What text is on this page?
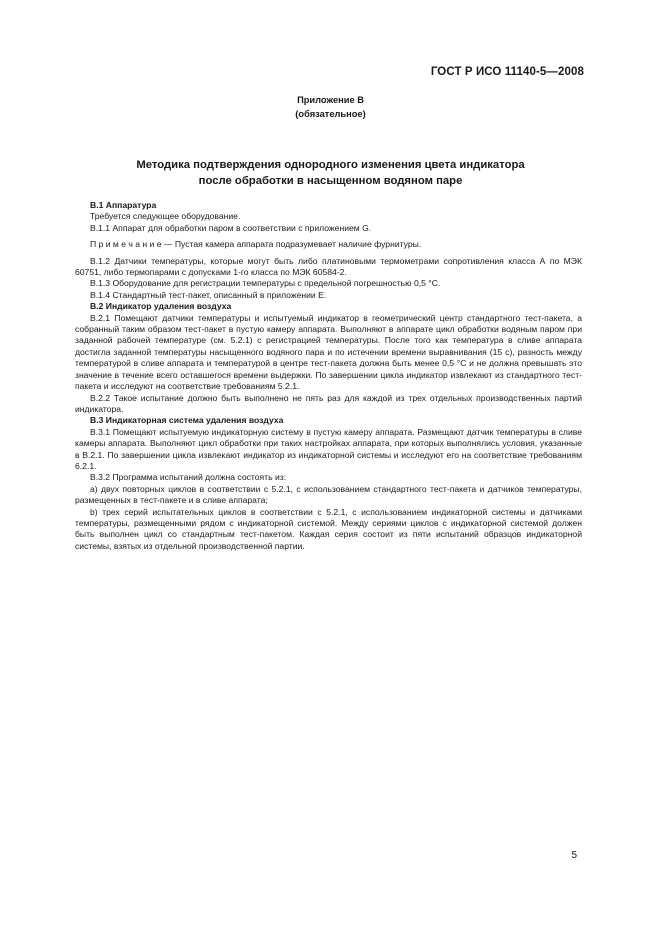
ГОСТ Р ИСО 11140-5—2008
Приложение В
(обязательное)
Методика подтверждения однородного изменения цвета индикатора
после обработки в насыщенном водяном паре

В.1 Аппаратура

Требуется следующее оборудование.

В.1.1 Аппарат для обработки паром в соответствии с приложением G.

П р и м е ч а н и е — Пустая камера аппарата подразумевает наличие фурнитуры.

В.1.2 Датчики температуры, которые могут быть либо платиновыми термометрами сопротивления класса А по МЭК 60751, либо термопарами с допусками 1-го класса по МЭК 60584-2.

В.1.3 Оборудование для регистрации температуры с предельной погрешностью 0,5 °С.

В.1.4 Стандартный тест-пакет, описанный в приложении Е.

В.2 Индикатор удаления воздуха

В.2.1 Помещают датчики температуры и испытуемый индикатор в геометрический центр стандартного тест-пакета, а собранный таким образом тест-пакет в пустую камеру аппарата. Выполняют в аппарате цикл обработки водяным паром при заданной рабочей температуре (см. 5.2.1) с регистрацией температуры. После того как температура в сливе аппарата достигла заданной температуры насыщенного водяного пара и по истечении времени выравнивания (15 с), разность между температурой в сливе аппарата и температурой в центре тест-пакета должна быть менее 0,5 °С и не должна превышать это значение в течение всего оставшегося времени выдержки. По завершении цикла индикатор извлекают из стандартного тест-пакета и исследуют на соответствие требованиям 5.2.1.

В.2.2 Такое испытание должно быть выполнено не пять раз для каждой из трех отдельных производственных партий индикатора.

В.3 Индикаторная система удаления воздуха

В.3.1 Помещают испытуемую индикаторную систему в пустую камеру аппарата. Размещают датчик температуры в сливе камеры аппарата. Выполняют цикл обработки при таких настройках аппарата, при которых выполнялись условия, указанные в В.2.1. По завершении цикла извлекают индикатор из индикаторной системы и исследуют его на соответствие требованиям 6.2.1.

В.3.2 Программа испытаний должна состоять из:

а) двух повторных циклов в соответствии с 5.2.1, с использованием стандартного тест-пакета и датчиков температуры, размещенных в тест-пакете и в сливе аппарата;

b) трех серий испытательных циклов в соответствии с 5.2.1, с использованием индикаторной системы и датчиками температуры, размещенными рядом с индикаторной системой. Между сериями циклов с индикаторной системой должен быть выполнен цикл со стандартным тест-пакетом. Каждая серия состоит из пяти испытаний образцов индикаторной системы, взятых из отдельной производственной партии.

5
